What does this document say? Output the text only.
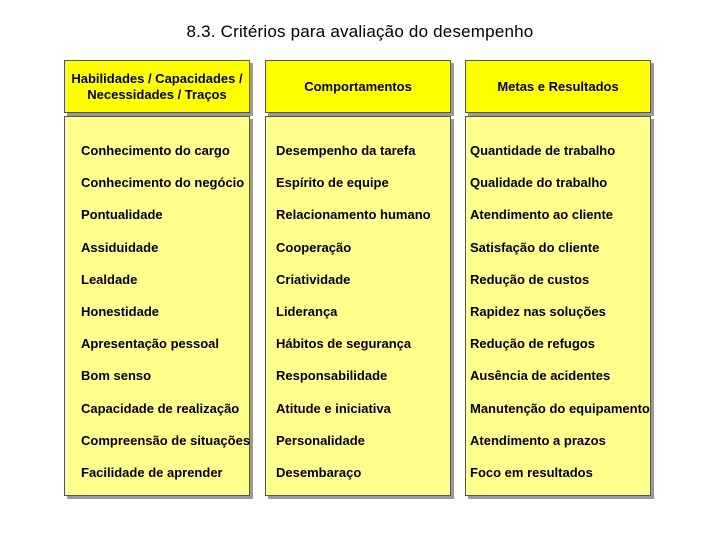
8.3. Critérios para avaliação do desempenho
Habilidades / Capacidades /
Necessidades / Traços
Comportamentos	Metas e Resultados
Conhecimento do cargo
Conhecimento do negócio
Pontualidade
Assiduidade
Lealdade
Honestidade
Apresentação pessoal
Bom senso
Capacidade de realização
Compreensão de situações
Facilidade de aprender
Desempenho da tarefa
Espírito de equipe
Relacionamento humano
Cooperação
Criatividade
Liderança
Hábitos de segurança
Responsabilidade
Atitude e iniciativa
Personalidade
Desembaraço
Quantidade de trabalho
Qualidade do trabalho
Atendimento ao cliente
Satisfação do cliente
Redução de custos
Rapidez nas soluções
Redução de refugos
Ausência de acidentes
Manutenção do equipamento
Atendimento a prazos
Foco em resultados
